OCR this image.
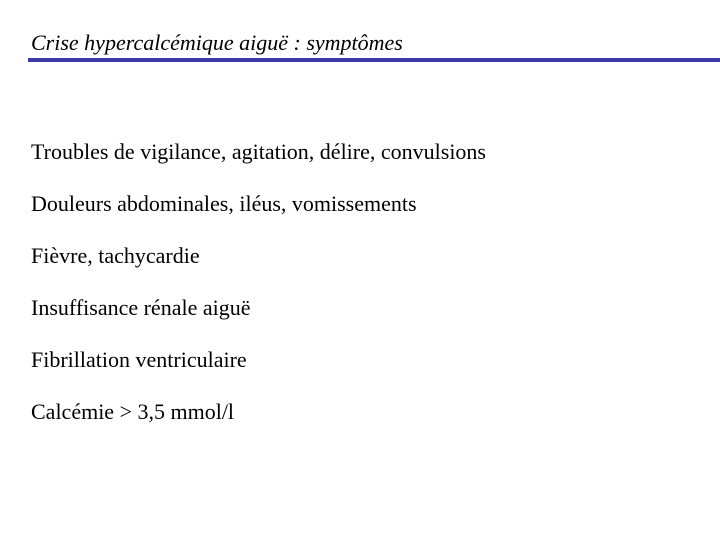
Crise hypercalcémique aiguë : symptômes
Troubles de vigilance, agitation, délire, convulsions
Douleurs abdominales, iléus, vomissements
Fièvre, tachycardie
Insuffisance rénale aiguë
Fibrillation ventriculaire
Calcémie > 3,5 mmol/l
